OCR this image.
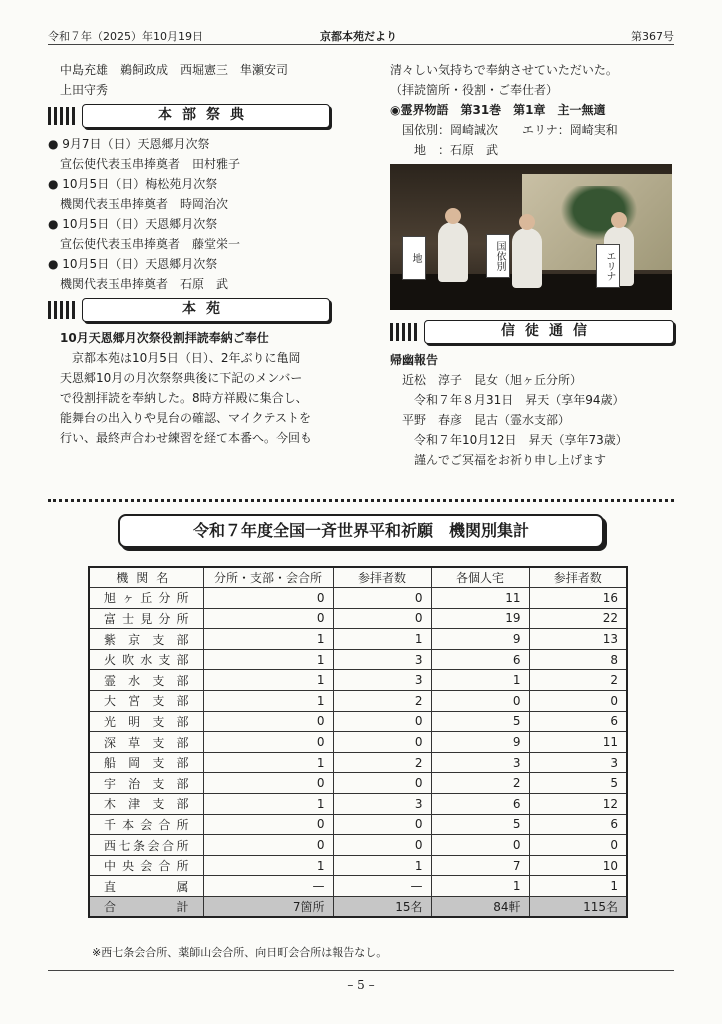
令和７年（2025）年10月19日	京都本苑だより	第367号

中島充雄　鵜飼政成　西堀憲三　隼瀬安司

上田守秀

本部祭典

● 9月7日（日）天恩郷月次祭

宣伝使代表玉串捧奠者　田村雅子

● 10月5日（日）梅松苑月次祭

機関代表玉串捧奠者　時岡治次

● 10月5日（日）天恩郷月次祭

宣伝使代表玉串捧奠者　藤堂栄一

● 10月5日（日）天恩郷月次祭

機関代表玉串捧奠者　石原　武

本苑

10月天恩郷月次祭役割拝読奉納ご奉仕

京都本苑は10月5日（日）、2年ぶりに亀岡

天恩郷10月の月次祭祭典後に下記のメンバー

で役割拝読を奉納した。8時方祥殿に集合し、

能舞台の出入りや見台の確認、マイクテストを

行い、最終声合わせ練習を経て本番へ。今回も

清々しい気持ちで奉納させていただいた。

（拝読箇所・役割・ご奉仕者）

◉霊界物語　第31巻　第1章　主一無適

国依別：岡崎誠次　　エリナ：岡崎実和

地　：石原　武

地	国依別	エリナ
信徒通信

帰幽報告

近松　淳子　昆女（旭ヶ丘分所）

令和７年８月31日　昇天（享年94歳）

平野　春彦　昆古（霊水支部）

令和７年10月12日　昇天（享年73歳）

謹んでご冥福をお祈り申し上げます

令和７年度全国一斉世界平和祈願　機関別集計
機関名	分所・支部・会合所	参拝者数	各個人宅	参拝者数
旭ヶ丘分所	0	0	11	16
富士見分所	0	0	19	22
紫京支部	1	1	9	13
火吹水支部	1	3	6	8
霊水支部	1	3	1	2
大宮支部	1	2	0	0
光明支部	0	0	5	6
深草支部	0	0	9	11
船岡支部	1	2	3	3
宇治支部	0	0	2	5
木津支部	1	3	6	12
千本会合所	0	0	5	6
西七条会合所	0	0	0	0
中央会合所	1	1	7	10
直属	—	—	1	1
合計	7箇所	15名	84軒	115名
※西七条会合所、薬師山会合所、向日町会合所は報告なし。
– 5 –
